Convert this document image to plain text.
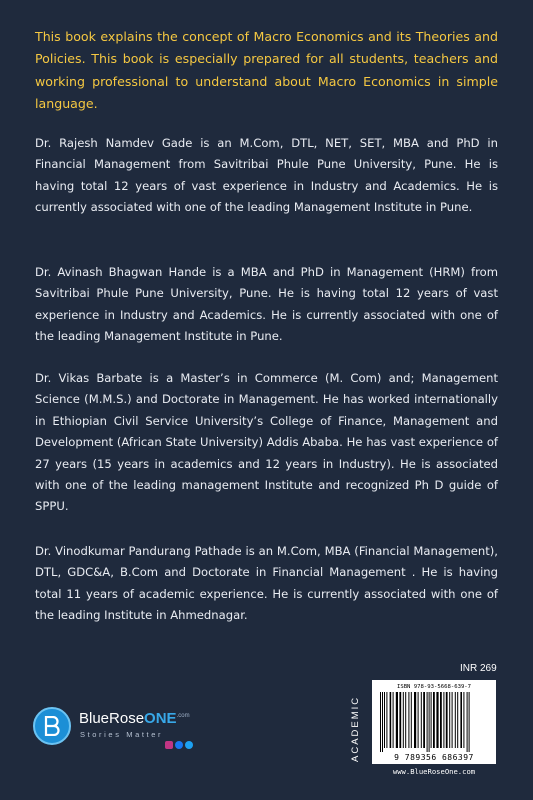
This book explains the concept of Macro Economics and its Theories and Policies. This book is especially prepared for all students, teachers and working professional to understand about Macro Economics in simple language.

Dr. Rajesh Namdev Gade is an M.Com, DTL, NET, SET, MBA and PhD in Financial Management from Savitribai Phule Pune University, Pune. He is having total 12 years of vast experience in Industry and Academics. He is currently associated with one of the leading Management Institute in Pune.

Dr. Avinash Bhagwan Hande is a MBA and PhD in Management (HRM) from Savitribai Phule Pune University, Pune. He is having total 12 years of vast experience in Industry and Academics. He is currently associated with one of the leading Management Institute in Pune.

Dr. Vikas Barbate is a Master’s in Commerce (M. Com) and; Management Science (M.M.S.) and Doctorate in Management. He has worked internationally in Ethiopian Civil Service University’s College of Finance, Management and Development (African State University) Addis Ababa. He has vast experience of 27 years (15 years in academics and 12 years in Industry). He is associated with one of the leading management Institute and recognized Ph D guide of SPPU.

Dr. Vinodkumar Pandurang Pathade is an M.Com, MBA (Financial Management), DTL, GDC&A, B.Com and Doctorate in Financial Management . He is having total 11 years of academic experience. He is currently associated with one of the leading Institute in Ahmednagar.

BlueRoseONE$^{.com}$
Stories Matter
INR 269
ACADEMIC
ISBN 978-93-5668-639-7
9 789356 686397
www.BlueRoseOne.com
